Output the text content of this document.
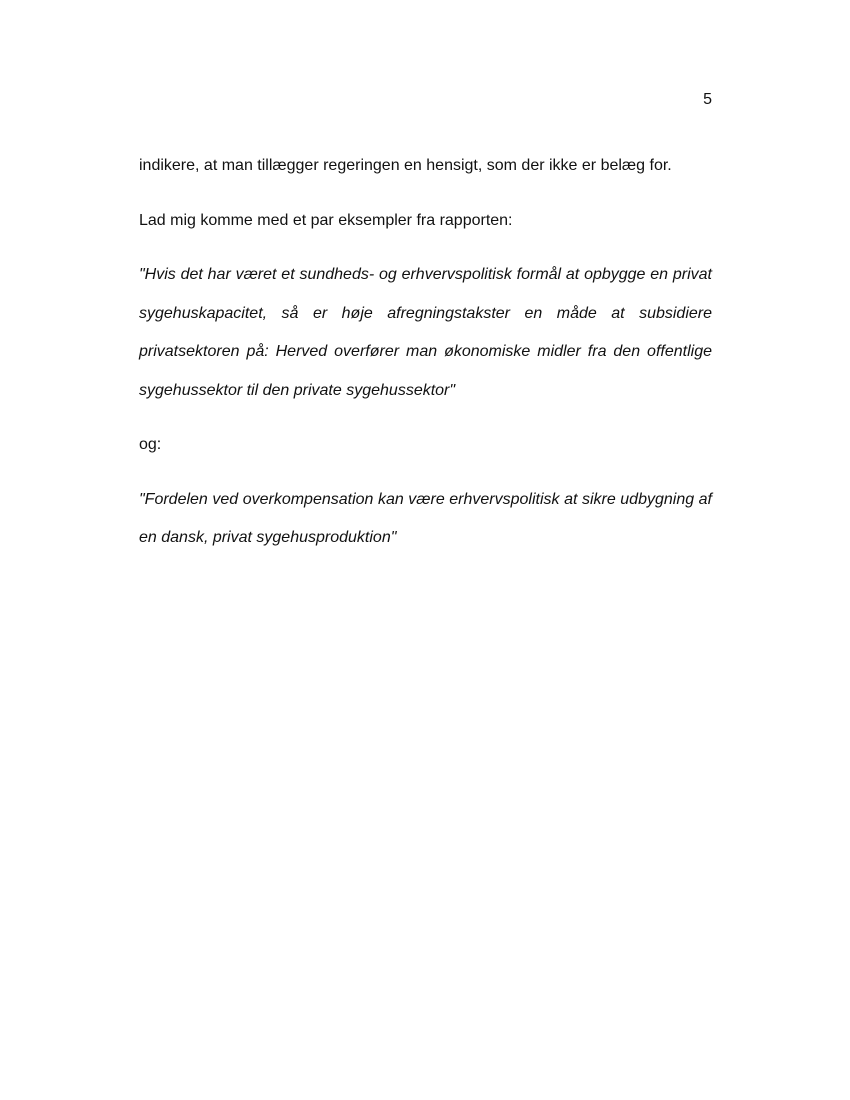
5

indikere, at man tillægger regeringen en hensigt, som der ikke er belæg for.

Lad mig komme med et par eksempler fra rapporten:

"Hvis det har været et sundheds- og erhvervspolitisk formål at opbygge en privat sygehuskapacitet, så er høje afregningstakster en måde at subsidiere privatsektoren på: Herved overfører man økonomiske midler fra den offentlige sygehussektor til den private sygehussektor"

og:

"Fordelen ved overkompensation kan være erhvervspolitisk at sikre udbygning af en dansk, privat sygehusproduktion"
